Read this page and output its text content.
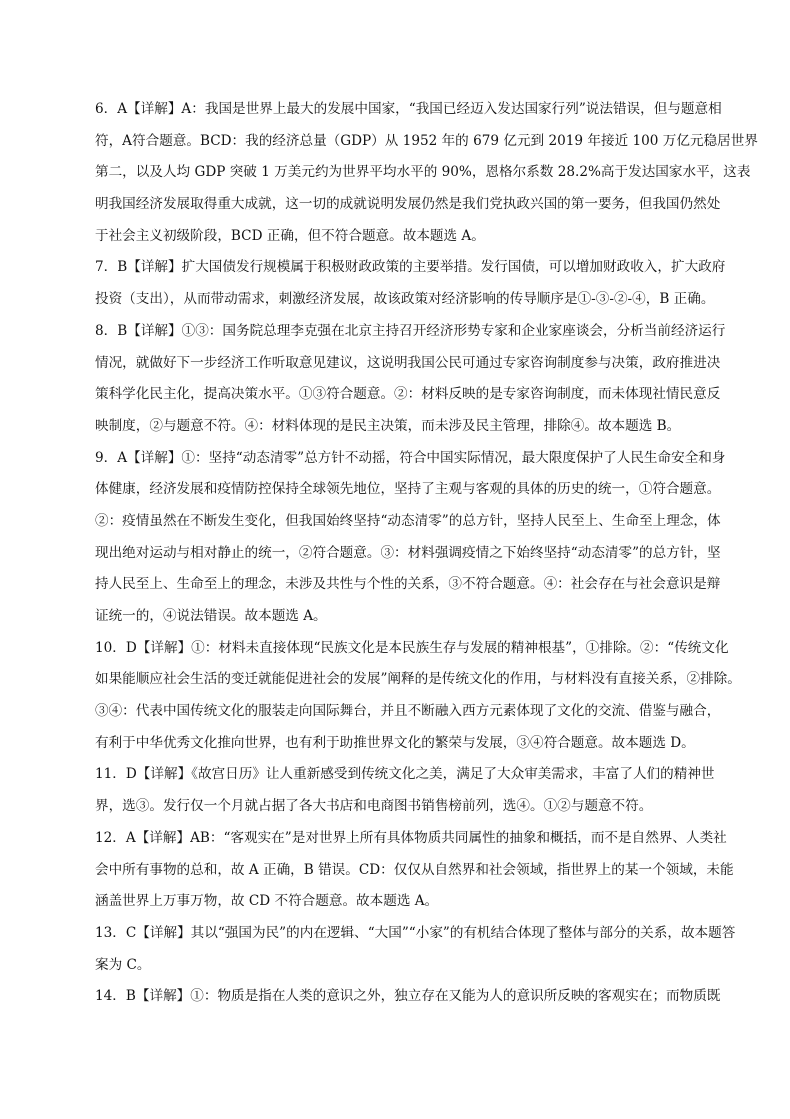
6．A【详解】A：我国是世界上最大的发展中国家，“我国已经迈入发达国家行列”说法错误，但与题意相
符，A符合题意。BCD：我的经济总量（GDP）从 1952 年的 679 亿元到 2019 年接近 100 万亿元稳居世界
第二，以及人均 GDP 突破 1 万美元约为世界平均水平的 90%，恩格尔系数 28.2%高于发达国家水平，这表
明我国经济发展取得重大成就，这一切的成就说明发展仍然是我们党执政兴国的第一要务，但我国仍然处
于社会主义初级阶段，BCD 正确，但不符合题意。故本题选 A。
7．B【详解】扩大国债发行规模属于积极财政政策的主要举措。发行国债，可以增加财政收入，扩大政府
投资（支出），从而带动需求，刺激经济发展，故该政策对经济影响的传导顺序是①-③-②-④，B 正确。
8．B【详解】①③：国务院总理李克强在北京主持召开经济形势专家和企业家座谈会，分析当前经济运行
情况，就做好下一步经济工作听取意见建议，这说明我国公民可通过专家咨询制度参与决策，政府推进决
策科学化民主化，提高决策水平。①③符合题意。②：材料反映的是专家咨询制度，而未体现社情民意反
映制度，②与题意不符。④：材料体现的是民主决策，而未涉及民主管理，排除④。故本题选 B。
9．A【详解】①：坚持“动态清零”总方针不动摇，符合中国实际情况，最大限度保护了人民生命安全和身
体健康，经济发展和疫情防控保持全球领先地位，坚持了主观与客观的具体的历史的统一，①符合题意。
②：疫情虽然在不断发生变化，但我国始终坚持“动态清零”的总方针，坚持人民至上、生命至上理念，体
现出绝对运动与相对静止的统一，②符合题意。③：材料强调疫情之下始终坚持“动态清零”的总方针，坚
持人民至上、生命至上的理念，未涉及共性与个性的关系，③不符合题意。④：社会存在与社会意识是辩
证统一的，④说法错误。故本题选 A。
10．D【详解】①：材料未直接体现“民族文化是本民族生存与发展的精神根基”，①排除。②：“传统文化
如果能顺应社会生活的变迁就能促进社会的发展”阐释的是传统文化的作用，与材料没有直接关系，②排除。
③④：代表中国传统文化的服装走向国际舞台，并且不断融入西方元素体现了文化的交流、借鉴与融合，
有利于中华优秀文化推向世界，也有利于助推世界文化的繁荣与发展，③④符合题意。故本题选 D。
11．D【详解】《故宫日历》让人重新感受到传统文化之美，满足了大众审美需求，丰富了人们的精神世
界，选③。发行仅一个月就占据了各大书店和电商图书销售榜前列，选④。①②与题意不符。
12．A【详解】AB：“客观实在”是对世界上所有具体物质共同属性的抽象和概括，而不是自然界、人类社
会中所有事物的总和，故 A 正确，B 错误。CD：仅仅从自然界和社会领域，指世界上的某一个领域，未能
涵盖世界上万事万物，故 CD 不符合题意。故本题选 A。
13．C【详解】其以“强国为民”的内在逻辑、“大国”“小家”的有机结合体现了整体与部分的关系，故本题答
案为 C。
14．B【详解】①：物质是指在人类的意识之外，独立存在又能为人的意识所反映的客观实在；而物质既
